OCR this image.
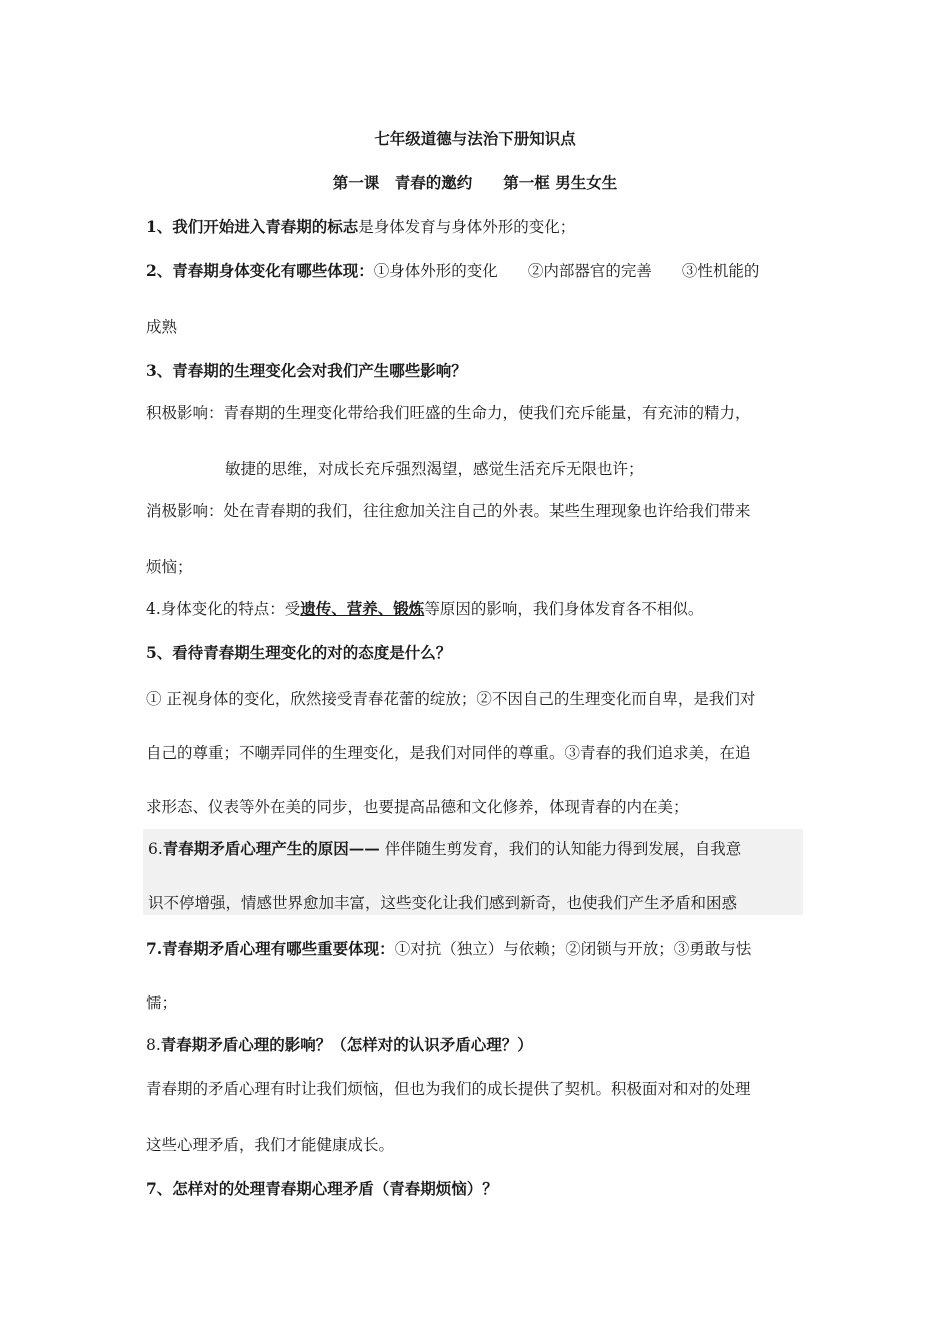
七年级道德与法治下册知识点
第一课　青春的邀约　　第一框 男生女生
1、我们开始进入青春期的标志是身体发育与身体外形的变化；
2、青春期身体变化有哪些体现：①身体外形的变化 ②内部器官的完善 ③性机能的
成熟
3、青春期的生理变化会对我们产生哪些影响？
积极影响：青春期的生理变化带给我们旺盛的生命力，使我们充斥能量，有充沛的精力，
敏捷的思维，对成长充斥强烈渴望，感觉生活充斥无限也许；
消极影响：处在青春期的我们，往往愈加关注自己的外表。某些生理现象也许给我们带来
烦恼；
4.身体变化的特点：受遗传、营养、锻炼等原因的影响，我们身体发育各不相似。
5、看待青春期生理变化的对的态度是什么？
① 正视身体的变化，欣然接受青春花蕾的绽放；②不因自己的生理变化而自卑，是我们对
自己的尊重；不嘲弄同伴的生理变化，是我们对同伴的尊重。③青春的我们追求美，在追
求形态、仪表等外在美的同步，也要提高品德和文化修养，体现青春的内在美；
6.青春期矛盾心理产生的原因—— 伴伴随生剪发育，我们的认知能力得到发展，自我意
识不停增强，情感世界愈加丰富，这些变化让我们感到新奇，也使我们产生矛盾和困惑
7.青春期矛盾心理有哪些重要体现：①对抗（独立）与依赖；②闭锁与开放；③勇敢与怯
懦；
8.青春期矛盾心理的影响？（怎样对的认识矛盾心理？）
青春期的矛盾心理有时让我们烦恼，但也为我们的成长提供了契机。积极面对和对的处理
这些心理矛盾，我们才能健康成长。
7、怎样对的处理青春期心理矛盾（青春期烦恼）？
